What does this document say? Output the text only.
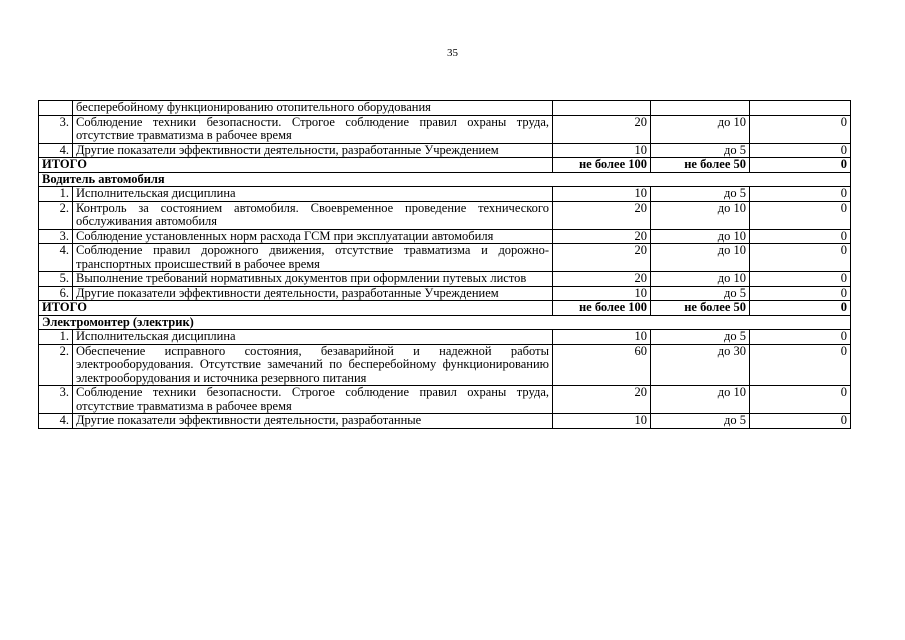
35
	бесперебойному функционированию отопительного оборудования			
3.	Соблюдение техники безопасности. Строгое соблюдение правил охраны труда, отсутствие травматизма в рабочее время	20	до 10	0
4.	Другие показатели эффективности деятельности, разработанные Учреждением	10	до 5	0
ИТОГО		не более 100	не более 50	0
Водитель автомобиля				
1.	Исполнительская дисциплина	10	до 5	0
2.	Контроль за состоянием автомобиля. Своевременное проведение технического обслуживания автомобиля	20	до 10	0
3.	Соблюдение установленных норм расхода ГСМ при эксплуатации автомобиля	20	до 10	0
4.	Соблюдение правил дорожного движения, отсутствие травматизма и дорожно-транспортных происшествий в рабочее время	20	до 10	0
5.	Выполнение требований нормативных документов при оформлении путевых листов	20	до 10	0
6.	Другие показатели эффективности деятельности, разработанные Учреждением	10	до 5	0
ИТОГО		не более 100	не более 50	0
Электромонтер (электрик)				
1.	Исполнительская дисциплина	10	до 5	0
2.	Обеспечение исправного состояния, безаварийной и надежной работы электрооборудования. Отсутствие замечаний по бесперебойному функционированию электрооборудования и источника резервного питания	60	до 30	0
3.	Соблюдение техники безопасности. Строгое соблюдение правил охраны труда, отсутствие травматизма в рабочее время	20	до 10	0
4.	Другие показатели эффективности деятельности, разработанные	10	до 5	0
